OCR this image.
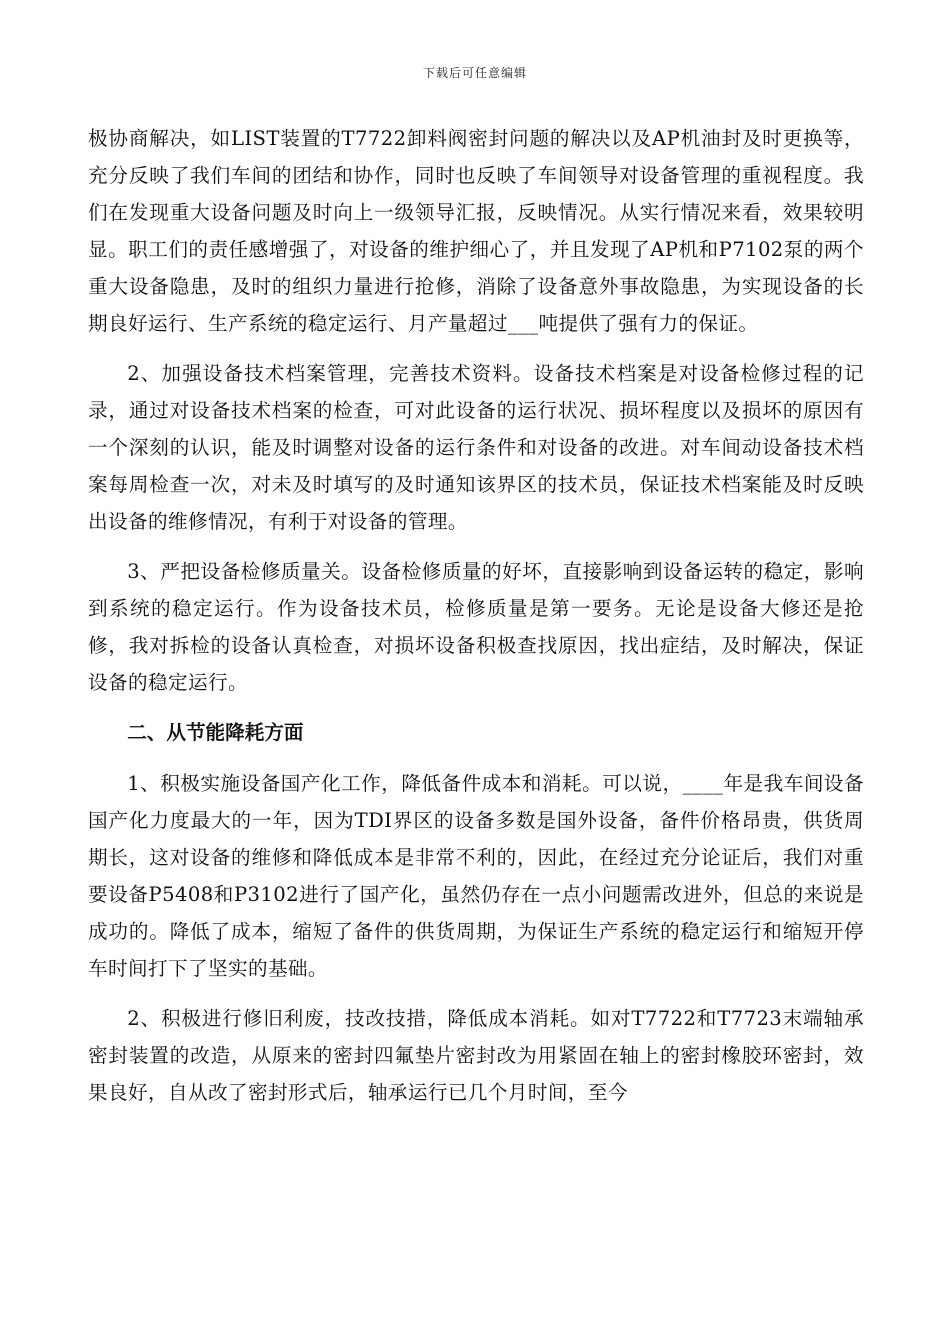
下载后可任意编辑

极协商解决，如LIST装置的T7722卸料阀密封问题的解决以及AP机油封及时更换等，充分反映了我们车间的团结和协作，同时也反映了车间领导对设备管理的重视程度。我们在发现重大设备问题及时向上一级领导汇报，反映情况。从实行情况来看，效果较明显。职工们的责任感增强了，对设备的维护细心了，并且发现了AP机和P7102泵的两个重大设备隐患，及时的组织力量进行抢修，消除了设备意外事故隐患，为实现设备的长期良好运行、生产系统的稳定运行、月产量超过___吨提供了强有力的保证。

2、加强设备技术档案管理，完善技术资料。设备技术档案是对设备检修过程的记录，通过对设备技术档案的检查，可对此设备的运行状况、损坏程度以及损坏的原因有一个深刻的认识，能及时调整对设备的运行条件和对设备的改进。对车间动设备技术档案每周检查一次，对未及时填写的及时通知该界区的技术员，保证技术档案能及时反映出设备的维修情况，有利于对设备的管理。

3、严把设备检修质量关。设备检修质量的好坏，直接影响到设备运转的稳定，影响到系统的稳定运行。作为设备技术员，检修质量是第一要务。无论是设备大修还是抢修，我对拆检的设备认真检查，对损坏设备积极查找原因，找出症结，及时解决，保证设备的稳定运行。

二、从节能降耗方面

1、积极实施设备国产化工作，降低备件成本和消耗。可以说，____年是我车间设备国产化力度最大的一年，因为TDI界区的设备多数是国外设备，备件价格昂贵，供货周期长，这对设备的维修和降低成本是非常不利的，因此，在经过充分论证后，我们对重要设备P5408和P3102进行了国产化，虽然仍存在一点小问题需改进外，但总的来说是成功的。降低了成本，缩短了备件的供货周期，为保证生产系统的稳定运行和缩短开停车时间打下了坚实的基础。

2、积极进行修旧利废，技改技措，降低成本消耗。如对T7722和T7723末端轴承密封装置的改造，从原来的密封四氟垫片密封改为用紧固在轴上的密封橡胶环密封，效果良好，自从改了密封形式后，轴承运行已几个月时间，至今
